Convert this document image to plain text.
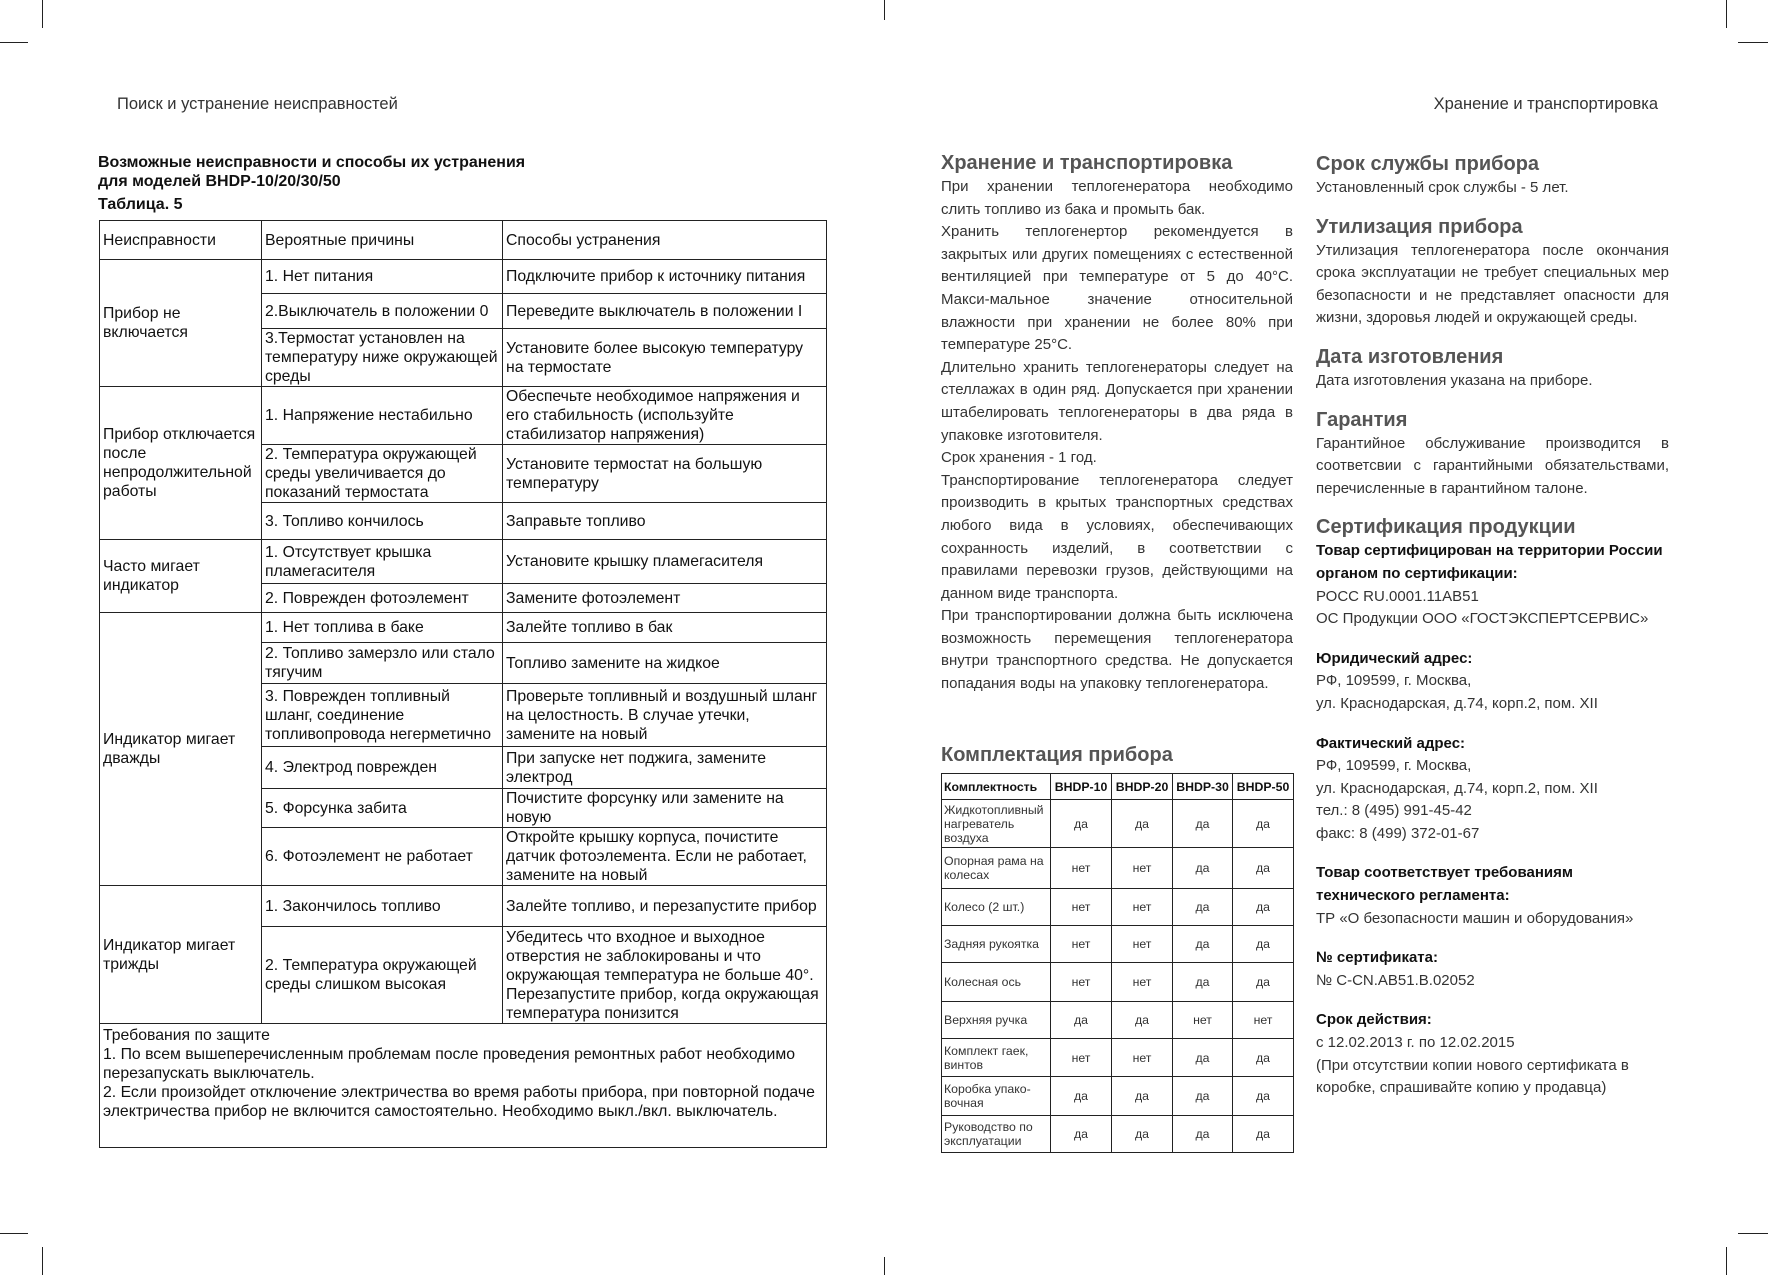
Поиск и устранение неисправностей	Хранение и транспортировка
Возможные неисправности и способы их устранения
для моделей BHDP-10/20/30/50
Таблица. 5
Неисправности	Вероятные причины	Способы устранения
Прибор не включается	1. Нет питания	Подключите прибор к источнику питания
	2.Выключатель в положении 0	Переведите выключатель в положении I
	3.Термостат установлен на температуру ниже окружающей среды	Установите более высокую температуру на термостате
Прибор отключается после непродолжительной работы	1. Напряжение нестабильно	Обеспечьте необходимое напряжения и его стабильность (используйте стабилизатор напряжения)
	2. Температура окружающей среды увеличивается до показаний термостата	Установите термостат на большую температуру
	3. Топливо кончилось	Заправьте топливо
Часто мигает индикатор	1. Отсутствует крышка пламегасителя	Установите крышку пламегасителя
	2. Поврежден фотоэлемент	Замените фотоэлемент
Индикатор мигает дважды	1. Нет топлива в баке	Залейте топливо в бак
	2. Топливо замерзло или стало тягучим	Топливо замените на жидкое
	3. Поврежден топливный шланг, соединение топливопровода негерметично	Проверьте топливный и воздушный шланг на целостность. В случае утечки, замените на новый
	4. Электрод поврежден	При запуске нет поджига, замените электрод
	5. Форсунка забита	Почистите форсунку или замените на новую
	6. Фотоэлемент не работает	Откройте крышку корпуса, почистите датчик фотоэлемента. Если не работает, замените на новый
Индикатор мигает трижды	1. Закончилось топливо	Залейте топливо, и перезапустите прибор
	2. Температура окружающей среды слишком высокая	Убедитесь что входное и выходное отверстия не заблокированы и что окружающая температура не больше 40°. Перезапустите прибор, когда окружающая температура понизится

Требования по защите
1. По всем вышеперечисленным проблемам после проведения ремонтных работ необходимо перезапускать выключатель.
2. Если произойдет отключение электричества во время работы прибора, при повторной подаче электричества прибор не включится самостоятельно. Необходимо выкл./вкл. выключатель.		
Хранение и транспортировка

При хранении теплогенератора необходимо слить топливо из бака и промыть бак.

Хранить теплогенертор рекомендуется в закрытых или других помещениях с естественной вентиляцией при температуре от 5 до 40°С. Макси-мальное значение относительной влажности при хранении не более 80% при температуре 25°С.

Длительно хранить теплогенераторы следует на стеллажах в один ряд. Допускается при хранении штабелировать теплогенераторы в два ряда в упаковке изготовителя.

Срок хранения - 1 год.

Транспортирование теплогенератора следует производить в крытых транспортных средствах любого вида в условиях, обеспечивающих сохранность изделий, в соответствии с правилами перевозки грузов, действующими на данном виде транспорта.

При транспортировании должна быть исключена возможность перемещения теплогенератора внутри транспортного средства. Не допускается попадания воды на упаковку теплогенератора.

Комплектация прибора
Комплектность	BHDP-10	BHDP-20	BHDP-30	BHDP-50
Жидкотопливный нагреватель воздуха	да	да	да	да
Опорная рама на колесах	нет	нет	да	да
Колесо (2 шт.)	нет	нет	да	да
Задняя рукоятка	нет	нет	да	да
Колесная ось	нет	нет	да	да
Верхняя ручка	да	да	нет	нет
Комплект гаек, винтов	нет	нет	да	да
Коробка упако-вочная	да	да	да	да
Руководство по эксплуатации	да	да	да	да
Срок службы прибора

Установленный срок службы - 5 лет.

Утилизация прибора

Утилизация теплогенератора после окончания срока эксплуатации не требует специальных мер безопасности и не представляет опасности для жизни, здоровья людей и окружающей среды.

Дата изготовления

Дата изготовления указана на приборе.

Гарантия

Гарантийное обслуживание производится в соответсвии с гарантийными обязательствами, перечисленные в гарантийном талоне.

Сертификация продукции

Товар сертифицирован на территории России органом по сертификации:

РОСС RU.0001.11АВ51

ОС Продукции ООО «ГОСТЭКСПЕРТСЕРВИС»

Юридический адрес:

РФ, 109599, г. Москва,

ул. Краснодарская, д.74, корп.2, пом. XII

Фактический адрес:

РФ, 109599, г. Москва,

ул. Краснодарская, д.74, корп.2, пом. XII

тел.: 8 (495) 991-45-42

факс: 8 (499) 372-01-67

Товар соответствует требованиям технического регламента:

ТР «О безопасности машин и оборудования»

№ сертификата:

№ C-CN.АВ51.В.02052

Срок действия:

с 12.02.2013 г. по 12.02.2015

(При отсутствии копии нового сертификата в коробке, спрашивайте копию у продавца)
